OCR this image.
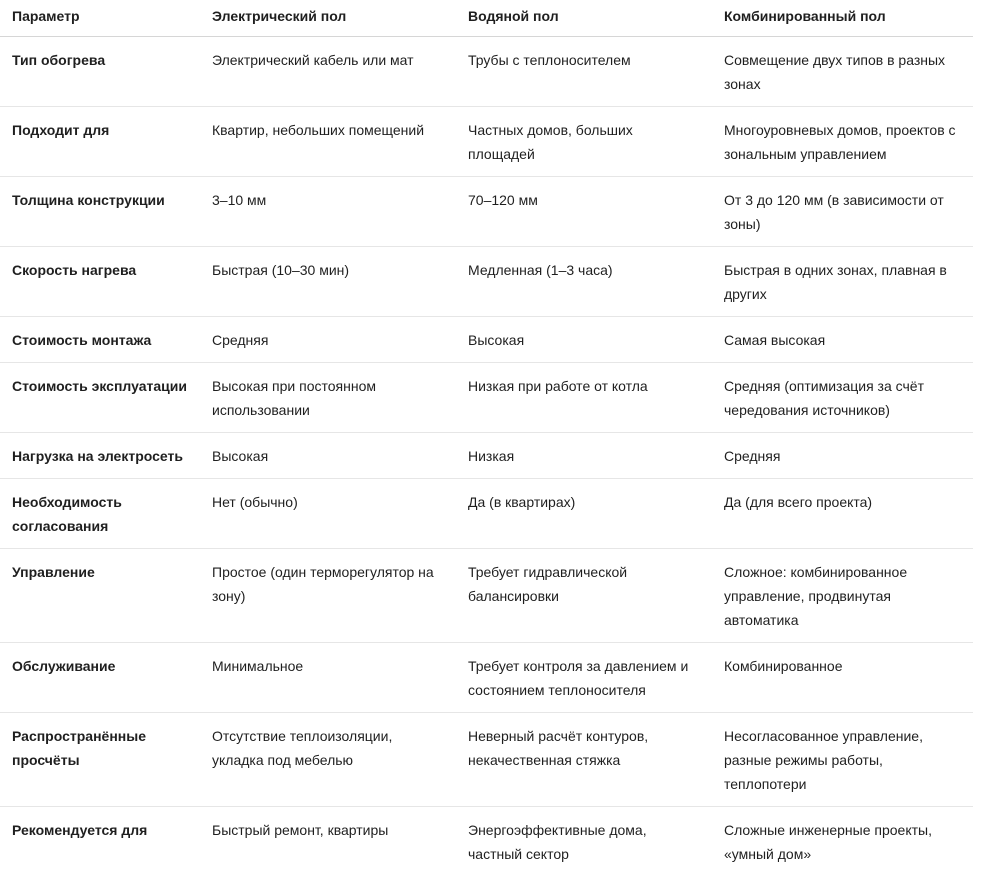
Параметр	Электрический пол	Водяной пол	Комбинированный пол
Тип обогрева	Электрический кабель или мат	Трубы с теплоносителем	Совмещение двух типов в разных зонах
Подходит для	Квартир, небольших помещений	Частных домов, больших площадей	Многоуровневых домов, проектов с зональным управлением
Толщина конструкции	3–10 мм	70–120 мм	От 3 до 120 мм (в зависимости от зоны)
Скорость нагрева	Быстрая (10–30 мин)	Медленная (1–3 часа)	Быстрая в одних зонах, плавная в других
Стоимость монтажа	Средняя	Высокая	Самая высокая
Стоимость эксплуатации	Высокая при постоянном использовании	Низкая при работе от котла	Средняя (оптимизация за счёт чередования источников)
Нагрузка на электросеть	Высокая	Низкая	Средняя
Необходимость согласования	Нет (обычно)	Да (в квартирах)	Да (для всего проекта)
Управление	Простое (один терморегулятор на зону)	Требует гидравлической балансировки	Сложное: комбинированное управление, продвинутая автоматика
Обслуживание	Минимальное	Требует контроля за давлением и состоянием теплоносителя	Комбинированное
Распространённые просчёты	Отсутствие теплоизоляции, укладка под мебелью	Неверный расчёт контуров, некачественная стяжка	Несогласованное управление, разные режимы работы, теплопотери
Рекомендуется для	Быстрый ремонт, квартиры	Энергоэффективные дома, частный сектор	Сложные инженерные проекты, «умный дом»
